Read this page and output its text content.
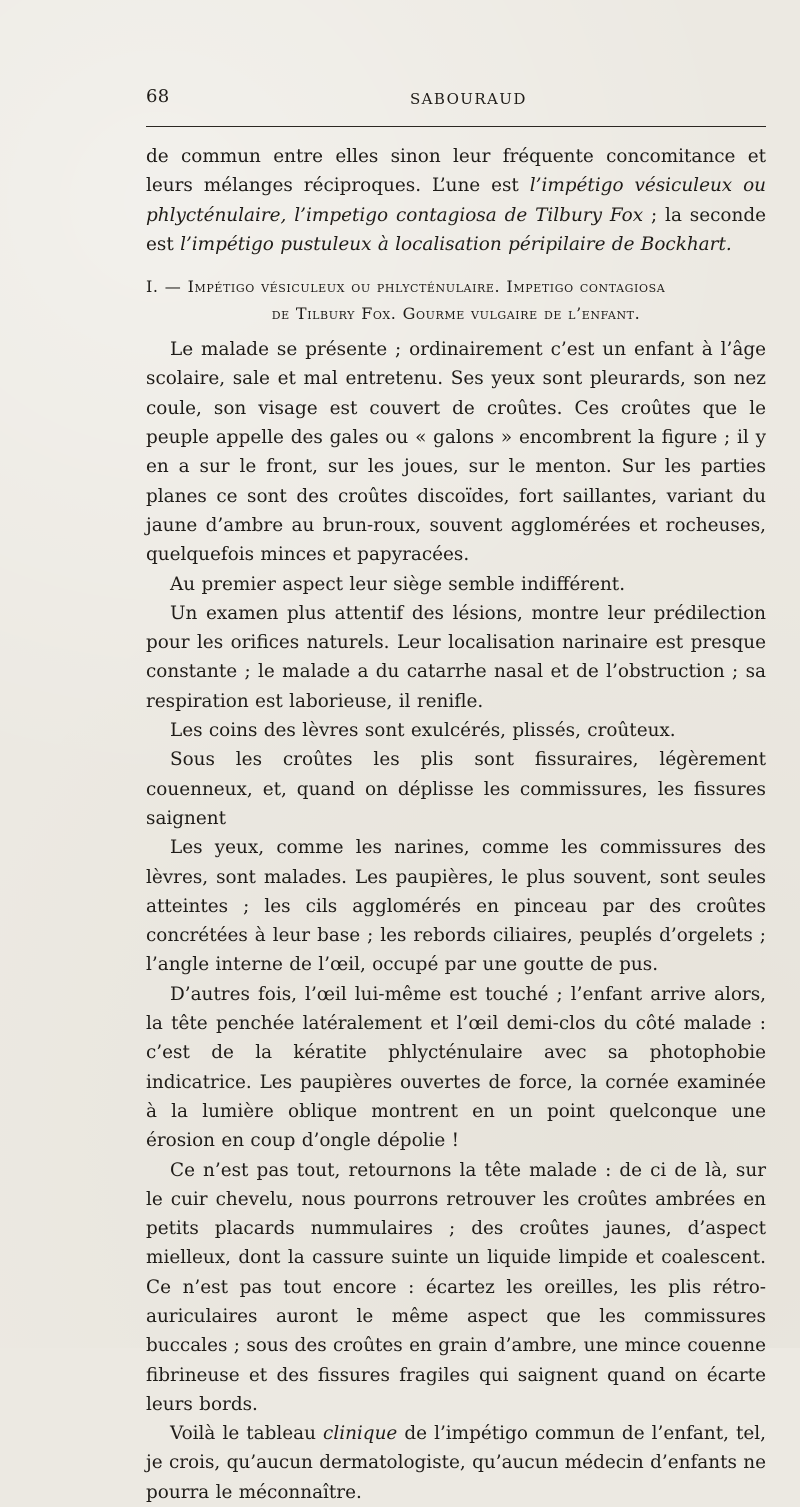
68	SABOURAUD

de commun entre elles sinon leur fréquente concomitance et leurs mélanges réciproques. L’une est l’impétigo vésiculeux ou phlycténulaire, l’impetigo contagiosa de Tilbury Fox ; la seconde est l’impétigo pustuleux à localisation péripilaire de Bockhart.

I. — Impétigo vésiculeux ou phlycténulaire. Impetigo contagiosa
de Tilbury Fox. Gourme vulgaire de l’enfant.

Le malade se présente ; ordinairement c’est un enfant à l’âge scolaire, sale et mal entretenu. Ses yeux sont pleurards, son nez coule, son visage est couvert de croûtes. Ces croûtes que le peuple appelle des gales ou « galons » encombrent la figure ; il y en a sur le front, sur les joues, sur le menton. Sur les parties planes ce sont des croûtes discoïdes, fort saillantes, variant du jaune d’ambre au brun-roux, souvent agglomérées et rocheuses, quelquefois minces et papyracées.

Au premier aspect leur siège semble indifférent.

Un examen plus attentif des lésions, montre leur prédilection pour les orifices naturels. Leur localisation narinaire est presque constante ; le malade a du catarrhe nasal et de l’obstruction ; sa respiration est laborieuse, il renifle.

Les coins des lèvres sont exulcérés, plissés, croûteux.

Sous les croûtes les plis sont fissuraires, légèrement couenneux, et, quand on déplisse les commissures, les fissures saignent

Les yeux, comme les narines, comme les commissures des lèvres, sont malades. Les paupières, le plus souvent, sont seules atteintes ; les cils agglomérés en pinceau par des croûtes concrétées à leur base ; les rebords ciliaires, peuplés d’orgelets ; l’angle interne de l’œil, occupé par une goutte de pus.

D’autres fois, l’œil lui-même est touché ; l’enfant arrive alors, la tête penchée latéralement et l’œil demi-clos du côté malade : c’est de la kératite phlycténulaire avec sa photophobie indicatrice. Les paupières ouvertes de force, la cornée examinée à la lumière oblique montrent en un point quelconque une érosion en coup d’ongle dépolie !

Ce n’est pas tout, retournons la tête malade : de ci de là, sur le cuir chevelu, nous pourrons retrouver les croûtes ambrées en petits placards nummulaires ; des croûtes jaunes, d’aspect mielleux, dont la cassure suinte un liquide limpide et coalescent. Ce n’est pas tout encore : écartez les oreilles, les plis rétro-auriculaires auront le même aspect que les commissures buccales ; sous des croûtes en grain d’ambre, une mince couenne fibrineuse et des fissures fragiles qui saignent quand on écarte leurs bords.

Voilà le tableau clinique de l’impétigo commun de l’enfant, tel, je crois, qu’aucun dermatologiste, qu’aucun médecin d’enfants ne pourra le méconnaître.
